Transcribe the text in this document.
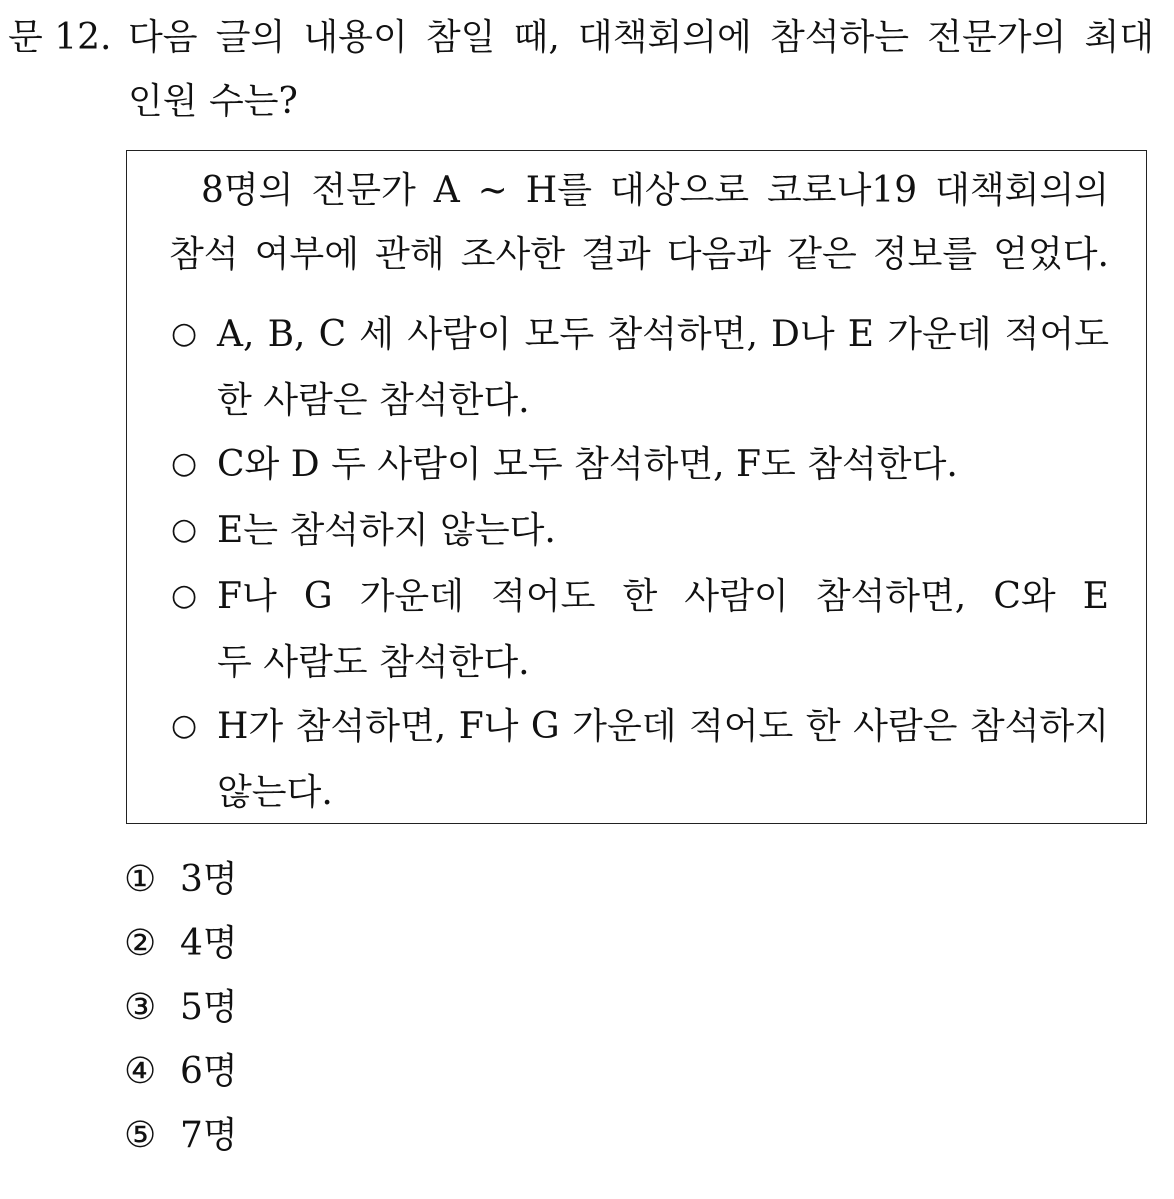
문 12. 다음 글의 내용이 참일 때, 대책회의에 참석하는 전문가의 최대
인원 수는?
8명의 전문가 A ~ H를 대상으로 코로나19 대책회의의
참석 여부에 관해 조사한 결과 다음과 같은 정보를 얻었다.
○ A, B, C 세 사람이 모두 참석하면, D나 E 가운데 적어도
한 사람은 참석한다.
○ C와 D 두 사람이 모두 참석하면, F도 참석한다.
○ E는 참석하지 않는다.
○ F나 G 가운데 적어도 한 사람이 참석하면, C와 E
두 사람도 참석한다.
○ H가 참석하면, F나 G 가운데 적어도 한 사람은 참석하지
않는다.
① 3명
② 4명
③ 5명
④ 6명
⑤ 7명
